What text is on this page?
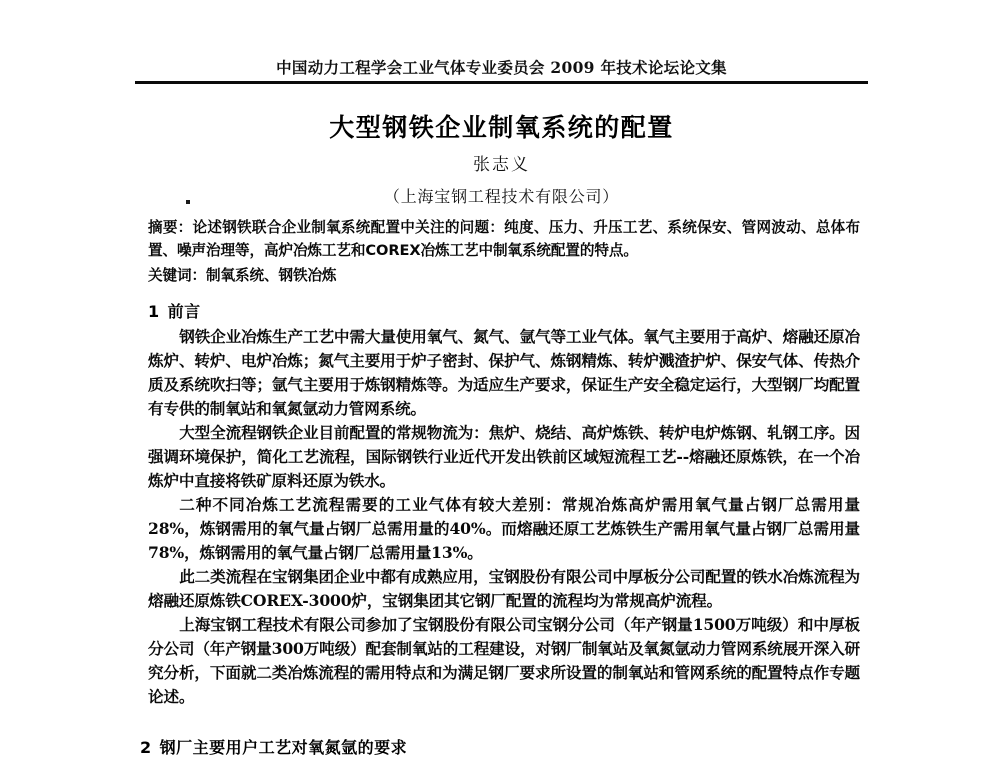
中国动力工程学会工业气体专业委员会 2009 年技术论坛论文集
大型钢铁企业制氧系统的配置
张志义
（上海宝钢工程技术有限公司）
摘要：论述钢铁联合企业制氧系统配置中关注的问题：纯度、压力、升压工艺、系统保安、管网波动、总体布置、噪声治理等，高炉冶炼工艺和COREX冶炼工艺中制氧系统配置的特点。
关键词：制氧系统、钢铁冶炼
1 前言

钢铁企业冶炼生产工艺中需大量使用氧气、氮气、氩气等工业气体。氧气主要用于高炉、熔融还原冶炼炉、转炉、电炉冶炼；氮气主要用于炉子密封、保护气、炼钢精炼、转炉溅渣护炉、保安气体、传热介质及系统吹扫等；氩气主要用于炼钢精炼等。为适应生产要求，保证生产安全稳定运行，大型钢厂均配置有专供的制氧站和氧氮氩动力管网系统。

大型全流程钢铁企业目前配置的常规物流为：焦炉、烧结、高炉炼铁、转炉电炉炼钢、轧钢工序。因强调环境保护，简化工艺流程，国际钢铁行业近代开发出铁前区域短流程工艺--熔融还原炼铁，在一个冶炼炉中直接将铁矿原料还原为铁水。

二种不同冶炼工艺流程需要的工业气体有较大差别：常规冶炼高炉需用氧气量占钢厂总需用量28%，炼钢需用的氧气量占钢厂总需用量的40%。而熔融还原工艺炼铁生产需用氧气量占钢厂总需用量78%，炼钢需用的氧气量占钢厂总需用量13%。

此二类流程在宝钢集团企业中都有成熟应用，宝钢股份有限公司中厚板分公司配置的铁水冶炼流程为熔融还原炼铁COREX-3000炉，宝钢集团其它钢厂配置的流程均为常规高炉流程。

上海宝钢工程技术有限公司参加了宝钢股份有限公司宝钢分公司（年产钢量1500万吨级）和中厚板分公司（年产钢量300万吨级）配套制氧站的工程建设，对钢厂制氧站及氧氮氩动力管网系统展开深入研究分析，下面就二类冶炼流程的需用特点和为满足钢厂要求所设置的制氧站和管网系统的配置特点作专题论述。

2 钢厂主要用户工艺对氧氮氩的要求
